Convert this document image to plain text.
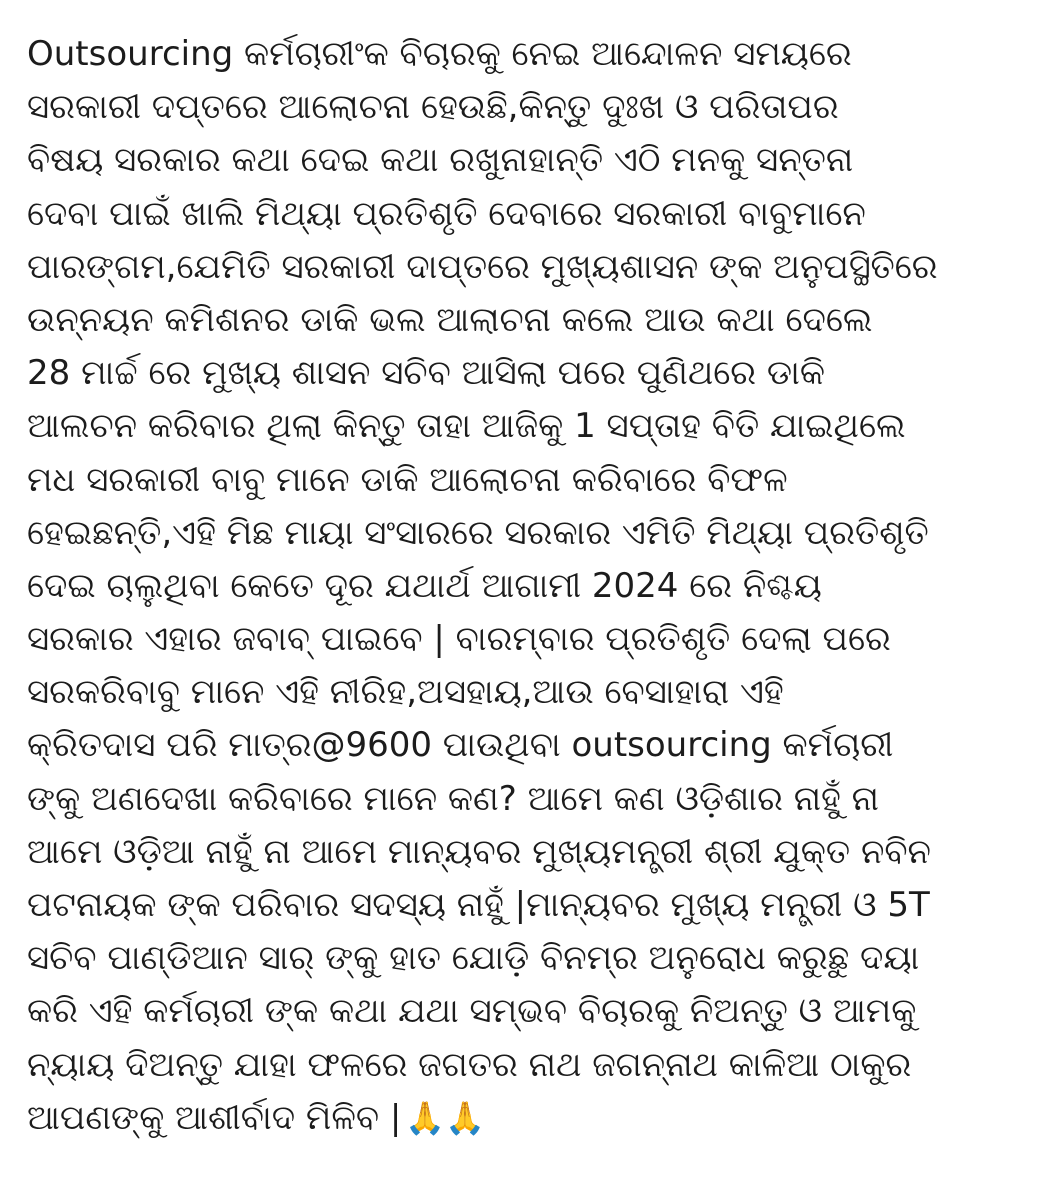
Outsourcing କର୍ମଚାରୀଂକ ବିଚାରକୁ ନେଇ ଆନ୍ଦୋଳନ ସମୟରେ
ସରକାରୀ ଦପ୍ତରେ ଆଲୋଚନା ହେଉଛି,କିନ୍ତୁ ଦୁଃଖ ଓ ପରିତାପର
ବିଷୟ ସରକାର କଥା ଦେଇ କଥା ରଖୁନାହାନ୍ତି ଏଠି ମନକୁ ସନ୍ତନା
ଦେବା ପାଇଁ ଖାଲି ମିଥ୍ୟା ପ୍ରତିଶୃତି ଦେବାରେ ସରକାରୀ ବାବୁମାନେ
ପାରଙ୍ଗମ,ଯେମିତି ସରକାରୀ ଦାପ୍ତରେ ମୁଖ୍ୟଶାସନ ଙ୍କ ଅନୁପସ୍ଥିତିରେ
ଉନ୍ନୟନ କମିଶନର ଡାକି ଭଲ ଆଲାଚନା କଲେ ଆଉ କଥା ଦେଲେ
28 ମାର୍ଚ୍ଚ ରେ ମୁଖ୍ୟ ଶାସନ ସଚିବ ଆସିଲା ପରେ ପୁଣିଥରେ ଡାକି
ଆଲଚନ କରିବାର ଥିଲା କିନ୍ତୁ ତାହା ଆଜିକୁ 1 ସପ୍ତାହ ବିତି ଯାଇଥିଲେ
ମଧ ସରକାରୀ ବାବୁ ମାନେ ଡାକି ଆଲୋଚନା କରିବାରେ ବିଫଳ
ହେଇଛନ୍ତି,ଏହି ମିଛ ମାୟା ସଂସାରରେ ସରକାର ଏମିତି ମିଥ୍ୟା ପ୍ରତିଶୃତି
ଦେଇ ଚାଲୁଥିବା କେତେ ଦୂର ଯଥାର୍ଥ ଆଗାମୀ 2024 ରେ ନିଶ୍ଚୟ
ସରକାର ଏହାର ଜବାବ୍ ପାଇବେ | ବାରମ୍ବାର ପ୍ରତିଶୃତି ଦେଲା ପରେ
ସରକରିବାବୁ ମାନେ ଏହି ନୀରିହ,ଅସହାୟ,ଆଉ ବେସାହାରା ଏହି
କ୍ରିତଦାସ ପରି ମାତ୍ର@9600 ପାଉଥିବା outsourcing କର୍ମଚାରୀ
ଙ୍କୁ ଅଣଦେଖା କରିବାରେ ମାନେ କଣ? ଆମେ କଣ ଓଡ଼ିଶାର ନାହୁଁ ନା
ଆମେ ଓଡ଼ିଆ ନାହୁଁ ନା ଆମେ ମାନ୍ୟବର ମୁଖ୍ୟମନ୍ତ୍ରୀ ଶ୍ରୀ ଯୁକ୍ତ ନବିନ
ପଟନାୟକ ଙ୍କ ପରିବାର ସଦସ୍ୟ ନାହୁଁ |ମାନ୍ୟବର ମୁଖ୍ୟ ମନ୍ତ୍ରୀ ଓ 5T
ସଚିବ ପାଣ୍ଡିଆନ ସାର୍ ଙ୍କୁ ହାତ ଯୋଡ଼ି ବିନମ୍ର ଅନୁରୋଧ କରୁଛୁ ଦୟା
କରି ଏହି କର୍ମଚାରୀ ଙ୍କ କଥା ଯଥା ସମ୍ଭବ ବିଚାରକୁ ନିଅନ୍ତୁ ଓ ଆମକୁ
ନ୍ୟାୟ ଦିଅନ୍ତୁ ଯାହା ଫଳରେ ଜଗତର ନାଥ ଜଗନ୍ନାଥ କାଳିଆ ଠାକୁର
ଆପଣଙ୍କୁ ଆଶୀର୍ବାଦ ମିଳିବ | 🙏🙏
